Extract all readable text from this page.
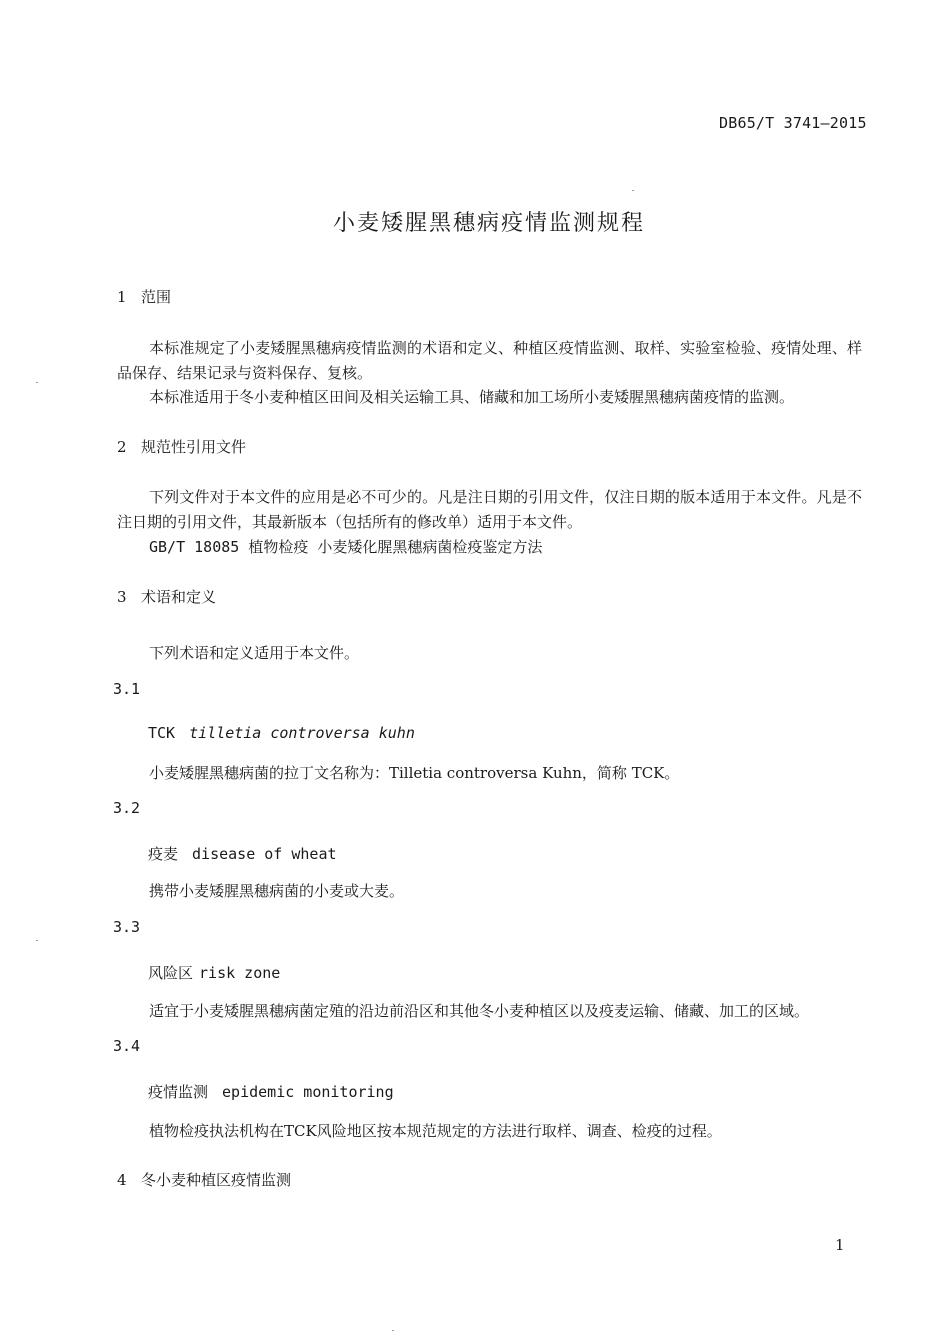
DB65/T 3741—2015
小麦矮腥黑穗病疫情监测规程
1 范围
本标准规定了小麦矮腥黑穗病疫情监测的术语和定义、种植区疫情监测、取样、实验室检验、疫情处理、样品保存、结果记录与资料保存、复核。
本标准适用于冬小麦种植区田间及相关运输工具、储藏和加工场所小麦矮腥黑穗病菌疫情的监测。
2 规范性引用文件
下列文件对于本文件的应用是必不可少的。凡是注日期的引用文件，仅注日期的版本适用于本文件。凡是不注日期的引用文件，其最新版本（包括所有的修改单）适用于本文件。
GB/T 18085 植物检疫 小麦矮化腥黑穗病菌检疫鉴定方法
3 术语和定义
下列术语和定义适用于本文件。
3.1
TCK tilletia controversa kuhn
小麦矮腥黑穗病菌的拉丁文名称为：Tilletia controversa Kuhn，简称 TCK。
3.2
疫麦 disease of wheat
携带小麦矮腥黑穗病菌的小麦或大麦。
3.3
风险区 risk zone
适宜于小麦矮腥黑穗病菌定殖的沿边前沿区和其他冬小麦种植区以及疫麦运输、储藏、加工的区域。
3.4
疫情监测 epidemic monitoring
植物检疫执法机构在TCK风险地区按本规范规定的方法进行取样、调查、检疫的过程。
4 冬小麦种植区疫情监测
1
